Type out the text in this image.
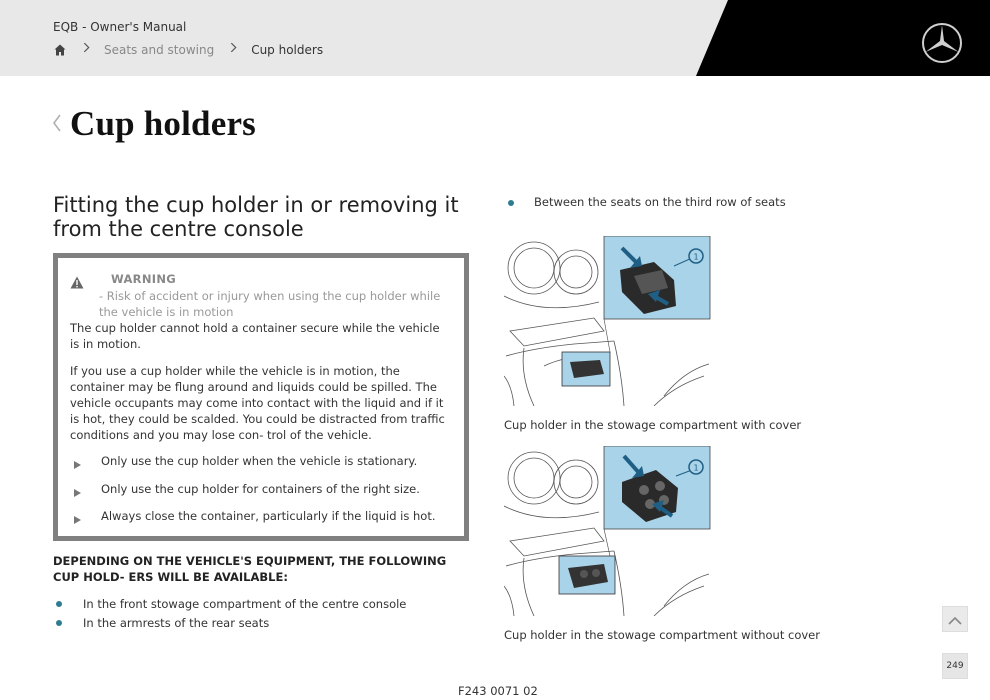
EQB - Owner's Manual
Seats and stowing	Cup holders
Cup holders
Fitting the cup holder in or removing it from the centre console
WARNING
- Risk of accident or injury when using the cup holder while the vehicle is in motion

The cup holder cannot hold a container secure while the vehicle is in motion.

If you use a cup holder while the vehicle is in motion, the container may be flung around and liquids could be spilled. The vehicle occupants may come into contact with the liquid and if it is hot, they could be scalded. You could be distracted from traffic conditions and you may lose con- trol of the vehicle.

Only use the cup holder when the vehicle is stationary.
Only use the cup holder for containers of the right size.
Always close the container, particularly if the liquid is hot.
DEPENDING ON THE VEHICLE'S EQUIPMENT, THE FOLLOWING CUP HOLD- ERS WILL BE AVAILABLE:
In the front stowage compartment of the centre console
In the armrests of the rear seats
Between the seats on the third row of seats
1
Cup holder in the stowage compartment with cover
1
Cup holder in the stowage compartment without cover
249
F243 0071 02
